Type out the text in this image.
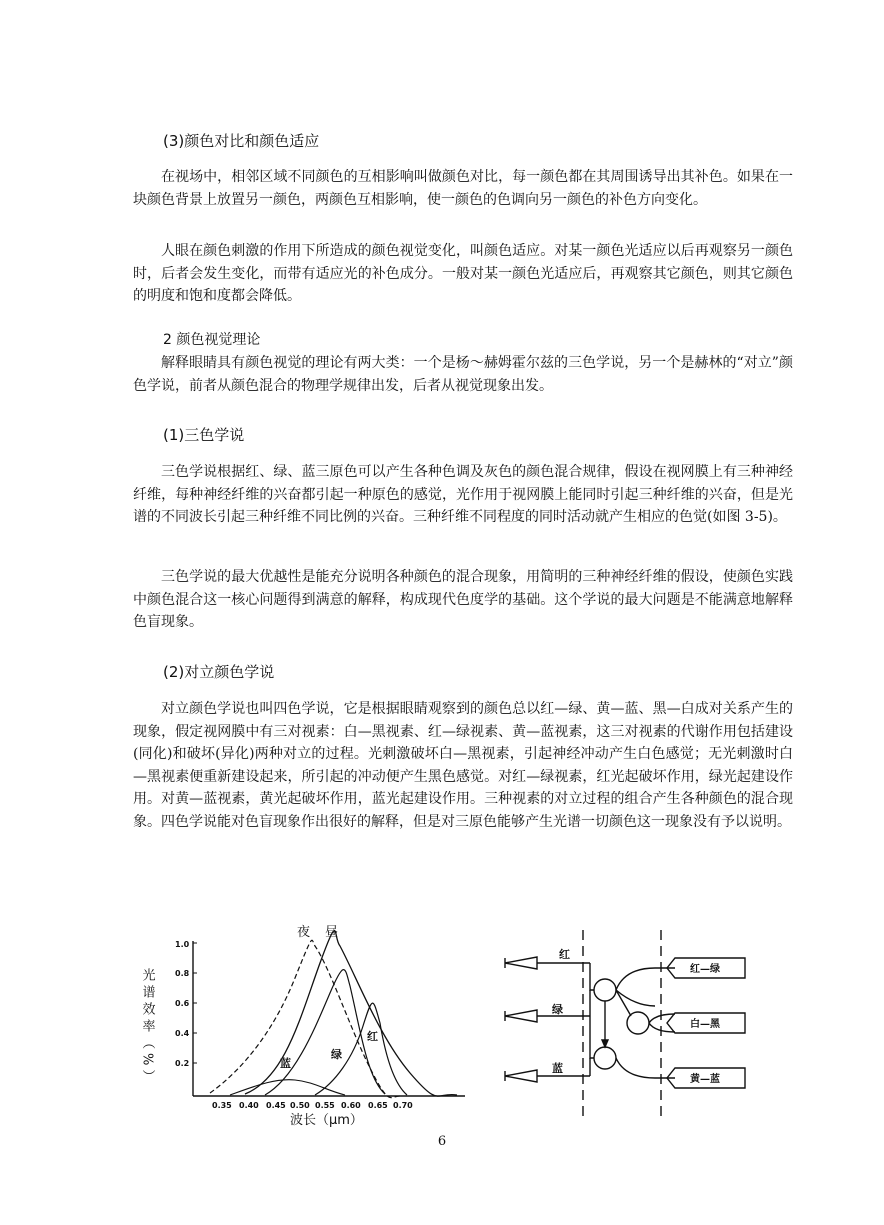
(3)颜色对比和颜色适应

在视场中，相邻区域不同颜色的互相影响叫做颜色对比，每一颜色都在其周围诱导出其补色。如果在一块颜色背景上放置另一颜色，两颜色互相影响，使一颜色的色调向另一颜色的补色方向变化。

人眼在颜色刺激的作用下所造成的颜色视觉变化，叫颜色适应。对某一颜色光适应以后再观察另一颜色时，后者会发生变化，而带有适应光的补色成分。一般对某一颜色光适应后，再观察其它颜色，则其它颜色的明度和饱和度都会降低。

2 颜色视觉理论

解释眼睛具有颜色视觉的理论有两大类：一个是杨～赫姆霍尔兹的三色学说，另一个是赫林的“对立”颜色学说，前者从颜色混合的物理学规律出发，后者从视觉现象出发。

(1)三色学说

三色学说根据红、绿、蓝三原色可以产生各种色调及灰色的颜色混合规律，假设在视网膜上有三种神经纤维，每种神经纤维的兴奋都引起一种原色的感觉，光作用于视网膜上能同时引起三种纤维的兴奋，但是光谱的不同波长引起三种纤维不同比例的兴奋。三种纤维不同程度的同时活动就产生相应的色觉(如图 3-5)。

三色学说的最大优越性是能充分说明各种颜色的混合现象，用简明的三种神经纤维的假设，使颜色实践中颜色混合这一核心问题得到满意的解释，构成现代色度学的基础。这个学说的最大问题是不能满意地解释色盲现象。

(2)对立颜色学说

对立颜色学说也叫四色学说，它是根据眼睛观察到的颜色总以红—绿、黄—蓝、黑—白成对关系产生的现象，假定视网膜中有三对视素：白—黑视素、红—绿视素、黄—蓝视素，这三对视素的代谢作用包括建设(同化)和破坏(异化)两种对立的过程。光刺激破坏白—黑视素，引起神经冲动产生白色感觉；无光刺激时白—黑视素便重新建设起来，所引起的冲动便产生黑色感觉。对红—绿视素，红光起破坏作用，绿光起建设作用。对黄—蓝视素，黄光起破坏作用，蓝光起建设作用。三种视素的对立过程的组合产生各种颜色的混合现象。四色学说能对色盲现象作出很好的解释，但是对三原色能够产生光谱一切颜色这一现象没有予以说明。

光谱效率（%）
1.0
0.8
0.6
0.4
0.2
0.35 0.40 0.45 0.50 0.55 0.60 0.65 0.70
波长（μm）
夜 昼
蓝
绿
红
红
绿
蓝
红—绿
白—黑
黄—蓝
6
